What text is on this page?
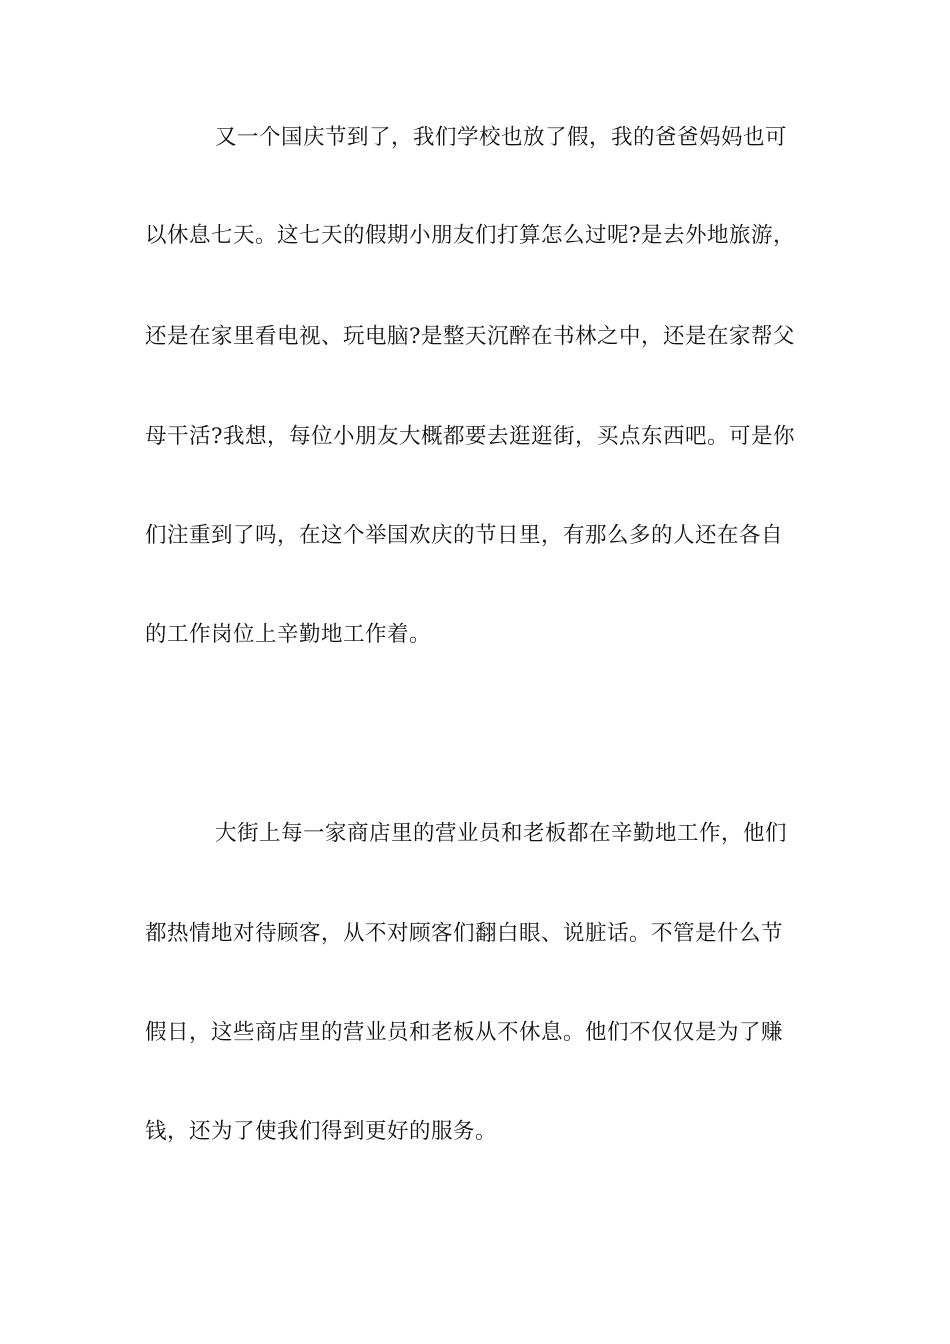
又一个国庆节到了，我们学校也放了假，我的爸爸妈妈也可
以休息七天。这七天的假期小朋友们打算怎么过呢?是去外地旅游，
还是在家里看电视、玩电脑?是整天沉醉在书林之中，还是在家帮父
母干活?我想，每位小朋友大概都要去逛逛街，买点东西吧。可是你
们注重到了吗，在这个举国欢庆的节日里，有那么多的人还在各自
的工作岗位上辛勤地工作着。
大街上每一家商店里的营业员和老板都在辛勤地工作，他们
都热情地对待顾客，从不对顾客们翻白眼、说脏话。不管是什么节
假日，这些商店里的营业员和老板从不休息。他们不仅仅是为了赚
钱，还为了使我们得到更好的服务。
